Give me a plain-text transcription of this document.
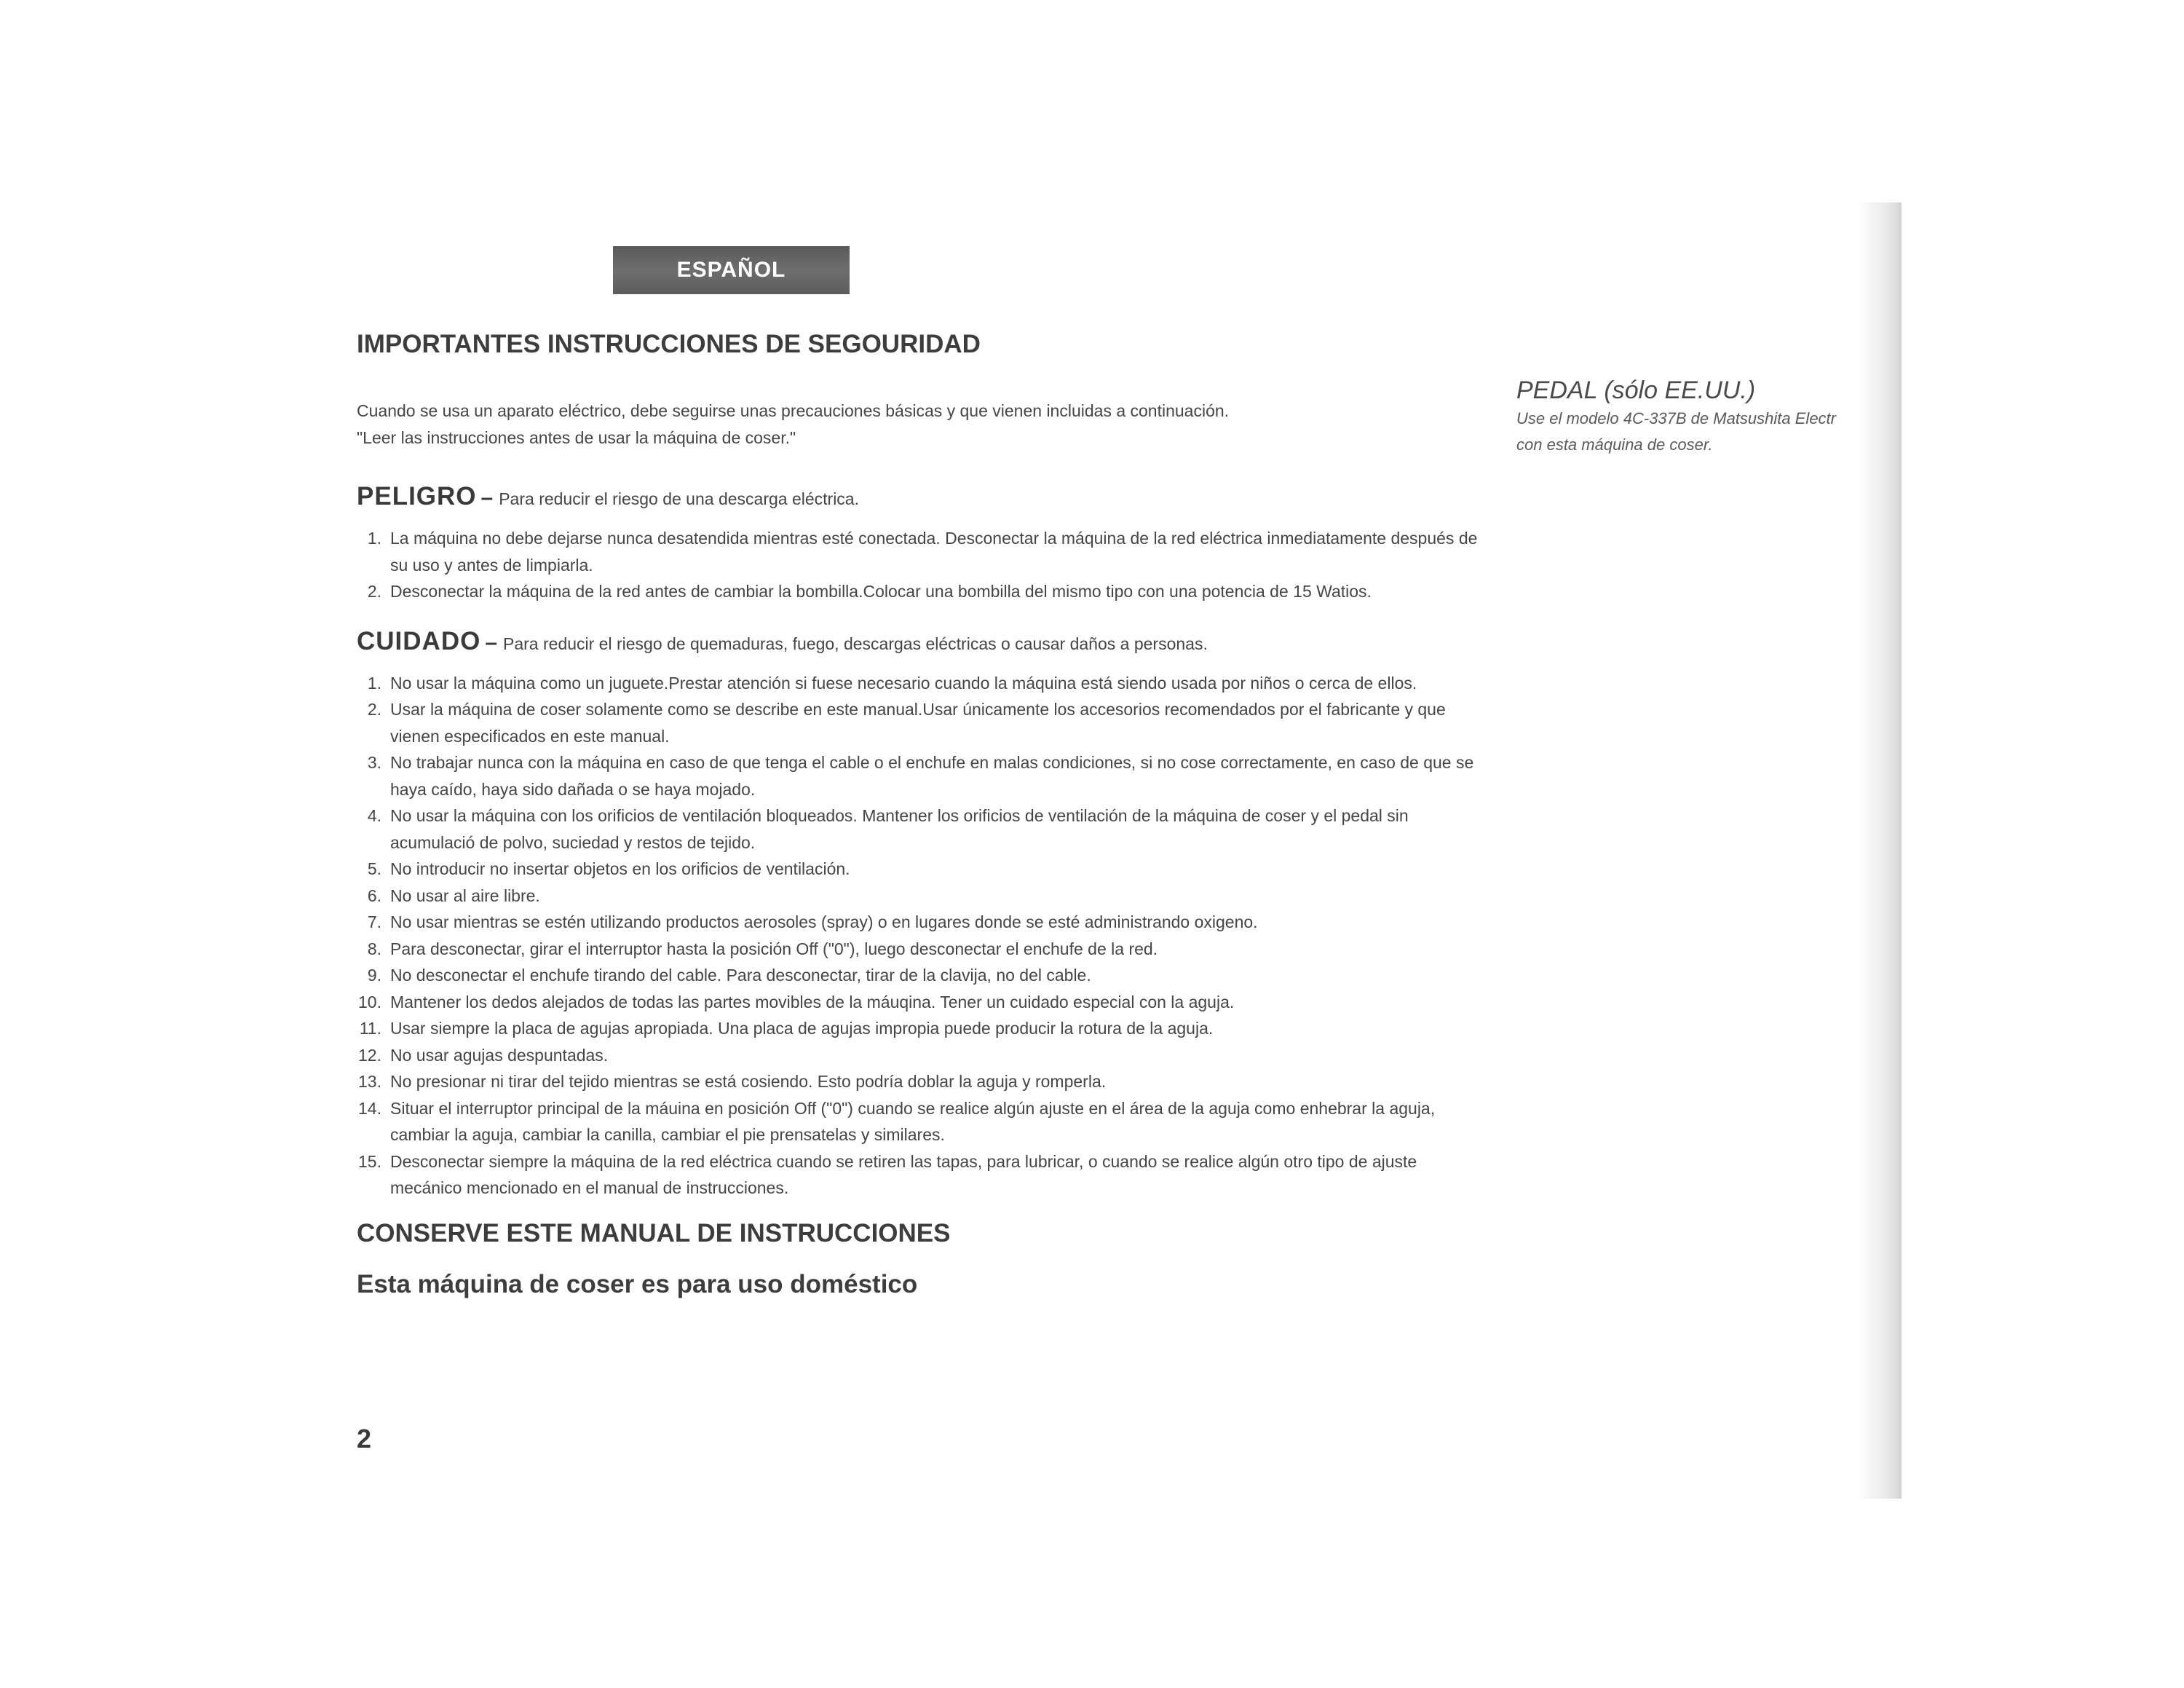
ESPAÑOL
IMPORTANTES INSTRUCCIONES DE SEGOURIDAD
Cuando se usa un aparato eléctrico, debe seguirse unas precauciones básicas y que vienen incluidas a continuación.
"Leer las instrucciones antes de usar la máquina de coser."
PELIGRO – Para reducir el riesgo de una descarga eléctrica.
1. La máquina no debe dejarse nunca desatendida mientras esté conectada. Desconectar la máquina de la red eléctrica inmediatamente después de su uso y antes de limpiarla.
2. Desconectar la máquina de la red antes de cambiar la bombilla.Colocar una bombilla del mismo tipo con una potencia de 15 Watios.
CUIDADO – Para reducir el riesgo de quemaduras, fuego, descargas eléctricas o causar daños a personas.
1. No usar la máquina como un juguete.Prestar atención si fuese necesario cuando la máquina está siendo usada por niños o cerca de ellos.
2. Usar la máquina de coser solamente como se describe en este manual.Usar únicamente los accesorios recomendados por el fabricante y que vienen especificados en este manual.
3. No trabajar nunca con la máquina en caso de que tenga el cable o el enchufe en malas condiciones, si no cose correctamente, en caso de que se haya caído, haya sido dañada o se haya mojado.
4. No usar la máquina con los orificios de ventilación bloqueados. Mantener los orificios de ventilación de la máquina de coser y el pedal sin acumulació de polvo, suciedad y restos de tejido.
5. No introducir no insertar objetos en los orificios de ventilación.
6. No usar al aire libre.
7. No usar mientras se estén utilizando productos aerosoles (spray) o en lugares donde se esté administrando oxigeno.
8. Para desconectar, girar el interruptor hasta la posición Off ("0"), luego desconectar el enchufe de la red.
9. No desconectar el enchufe tirando del cable. Para desconectar, tirar de la clavija, no del cable.
10. Mantener los dedos alejados de todas las partes movibles de la máuqina. Tener un cuidado especial con la aguja.
11. Usar siempre la placa de agujas apropiada. Una placa de agujas impropia puede producir la rotura de la aguja.
12. No usar agujas despuntadas.
13. No presionar ni tirar del tejido mientras se está cosiendo. Esto podría doblar la aguja y romperla.
14. Situar el interruptor principal de la máuina en posición Off ("0") cuando se realice algún ajuste en el área de la aguja como enhebrar la aguja, cambiar la aguja, cambiar la canilla, cambiar el pie prensatelas y similares.
15. Desconectar siempre la máquina de la red eléctrica cuando se retiren las tapas, para lubricar, o cuando se realice algún otro tipo de ajuste mecánico mencionado en el manual de instrucciones.
CONSERVE ESTE MANUAL DE INSTRUCCIONES
Esta máquina de coser es para uso doméstico
2
PEDAL (sólo EE.UU.)
Use el modelo 4C-337B de Matsushita Electr
con esta máquina de coser.
